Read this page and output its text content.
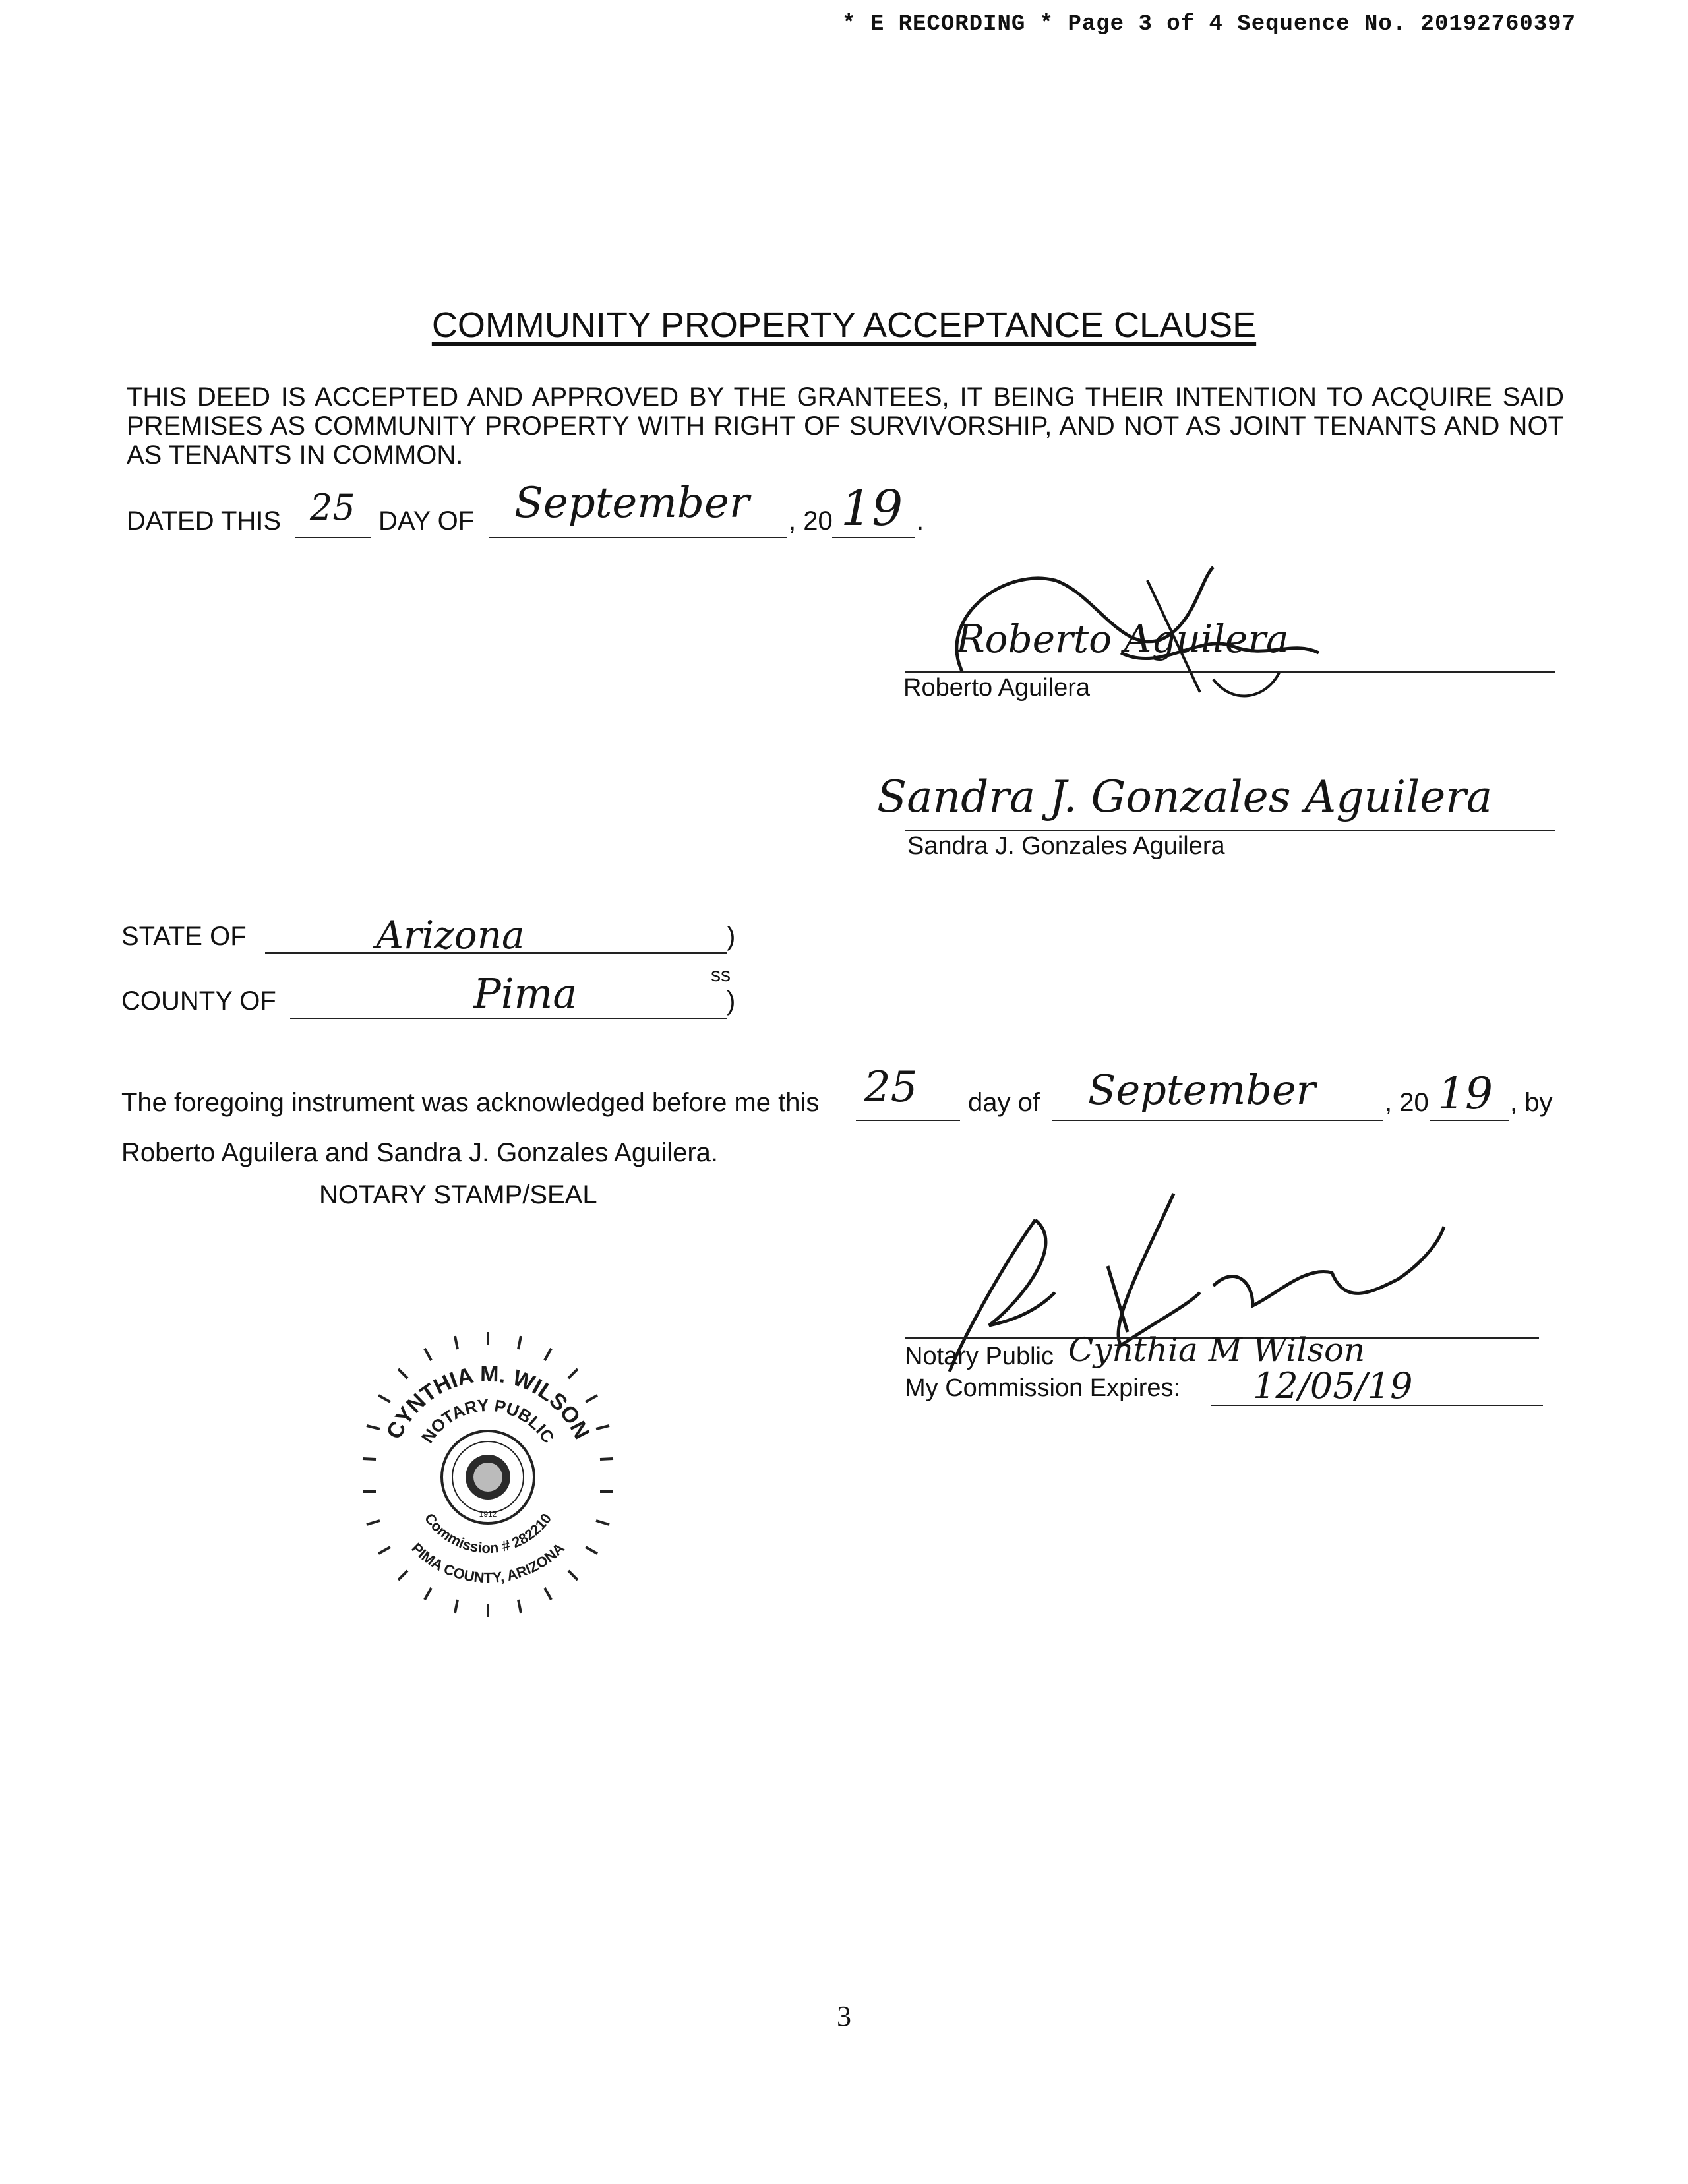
* E RECORDING * Page 3 of 4 Sequence No. 20192760397
COMMUNITY PROPERTY ACCEPTANCE CLAUSE
THIS DEED IS ACCEPTED AND APPROVED BY THE GRANTEES, IT BEING THEIR INTENTION TO ACQUIRE SAID PREMISES AS COMMUNITY PROPERTY WITH RIGHT OF SURVIVORSHIP, AND NOT AS JOINT TENANTS AND NOT AS TENANTS IN COMMON.
DATED THIS 25 DAY OF September , 20 19 .
Roberto Aguilera
Roberto Aguilera
Sandra J. Gonzales Aguilera
Sandra J. Gonzales Aguilera
STATE OF	Arizona	)
ss
COUNTY OF	Pima	)
The foregoing instrument was acknowledged before me this 25 day of September	, 20 19 , by
Roberto Aguilera and Sandra J. Gonzales Aguilera.
NOTARY STAMP/SEAL
Notary Public Cynthia M Wilson
My Commission Expires: 12/05/19
CYNTHIA M. WILSON
NOTARY PUBLIC
Commission # 282210
PIMA COUNTY, ARIZONA
1912
3
